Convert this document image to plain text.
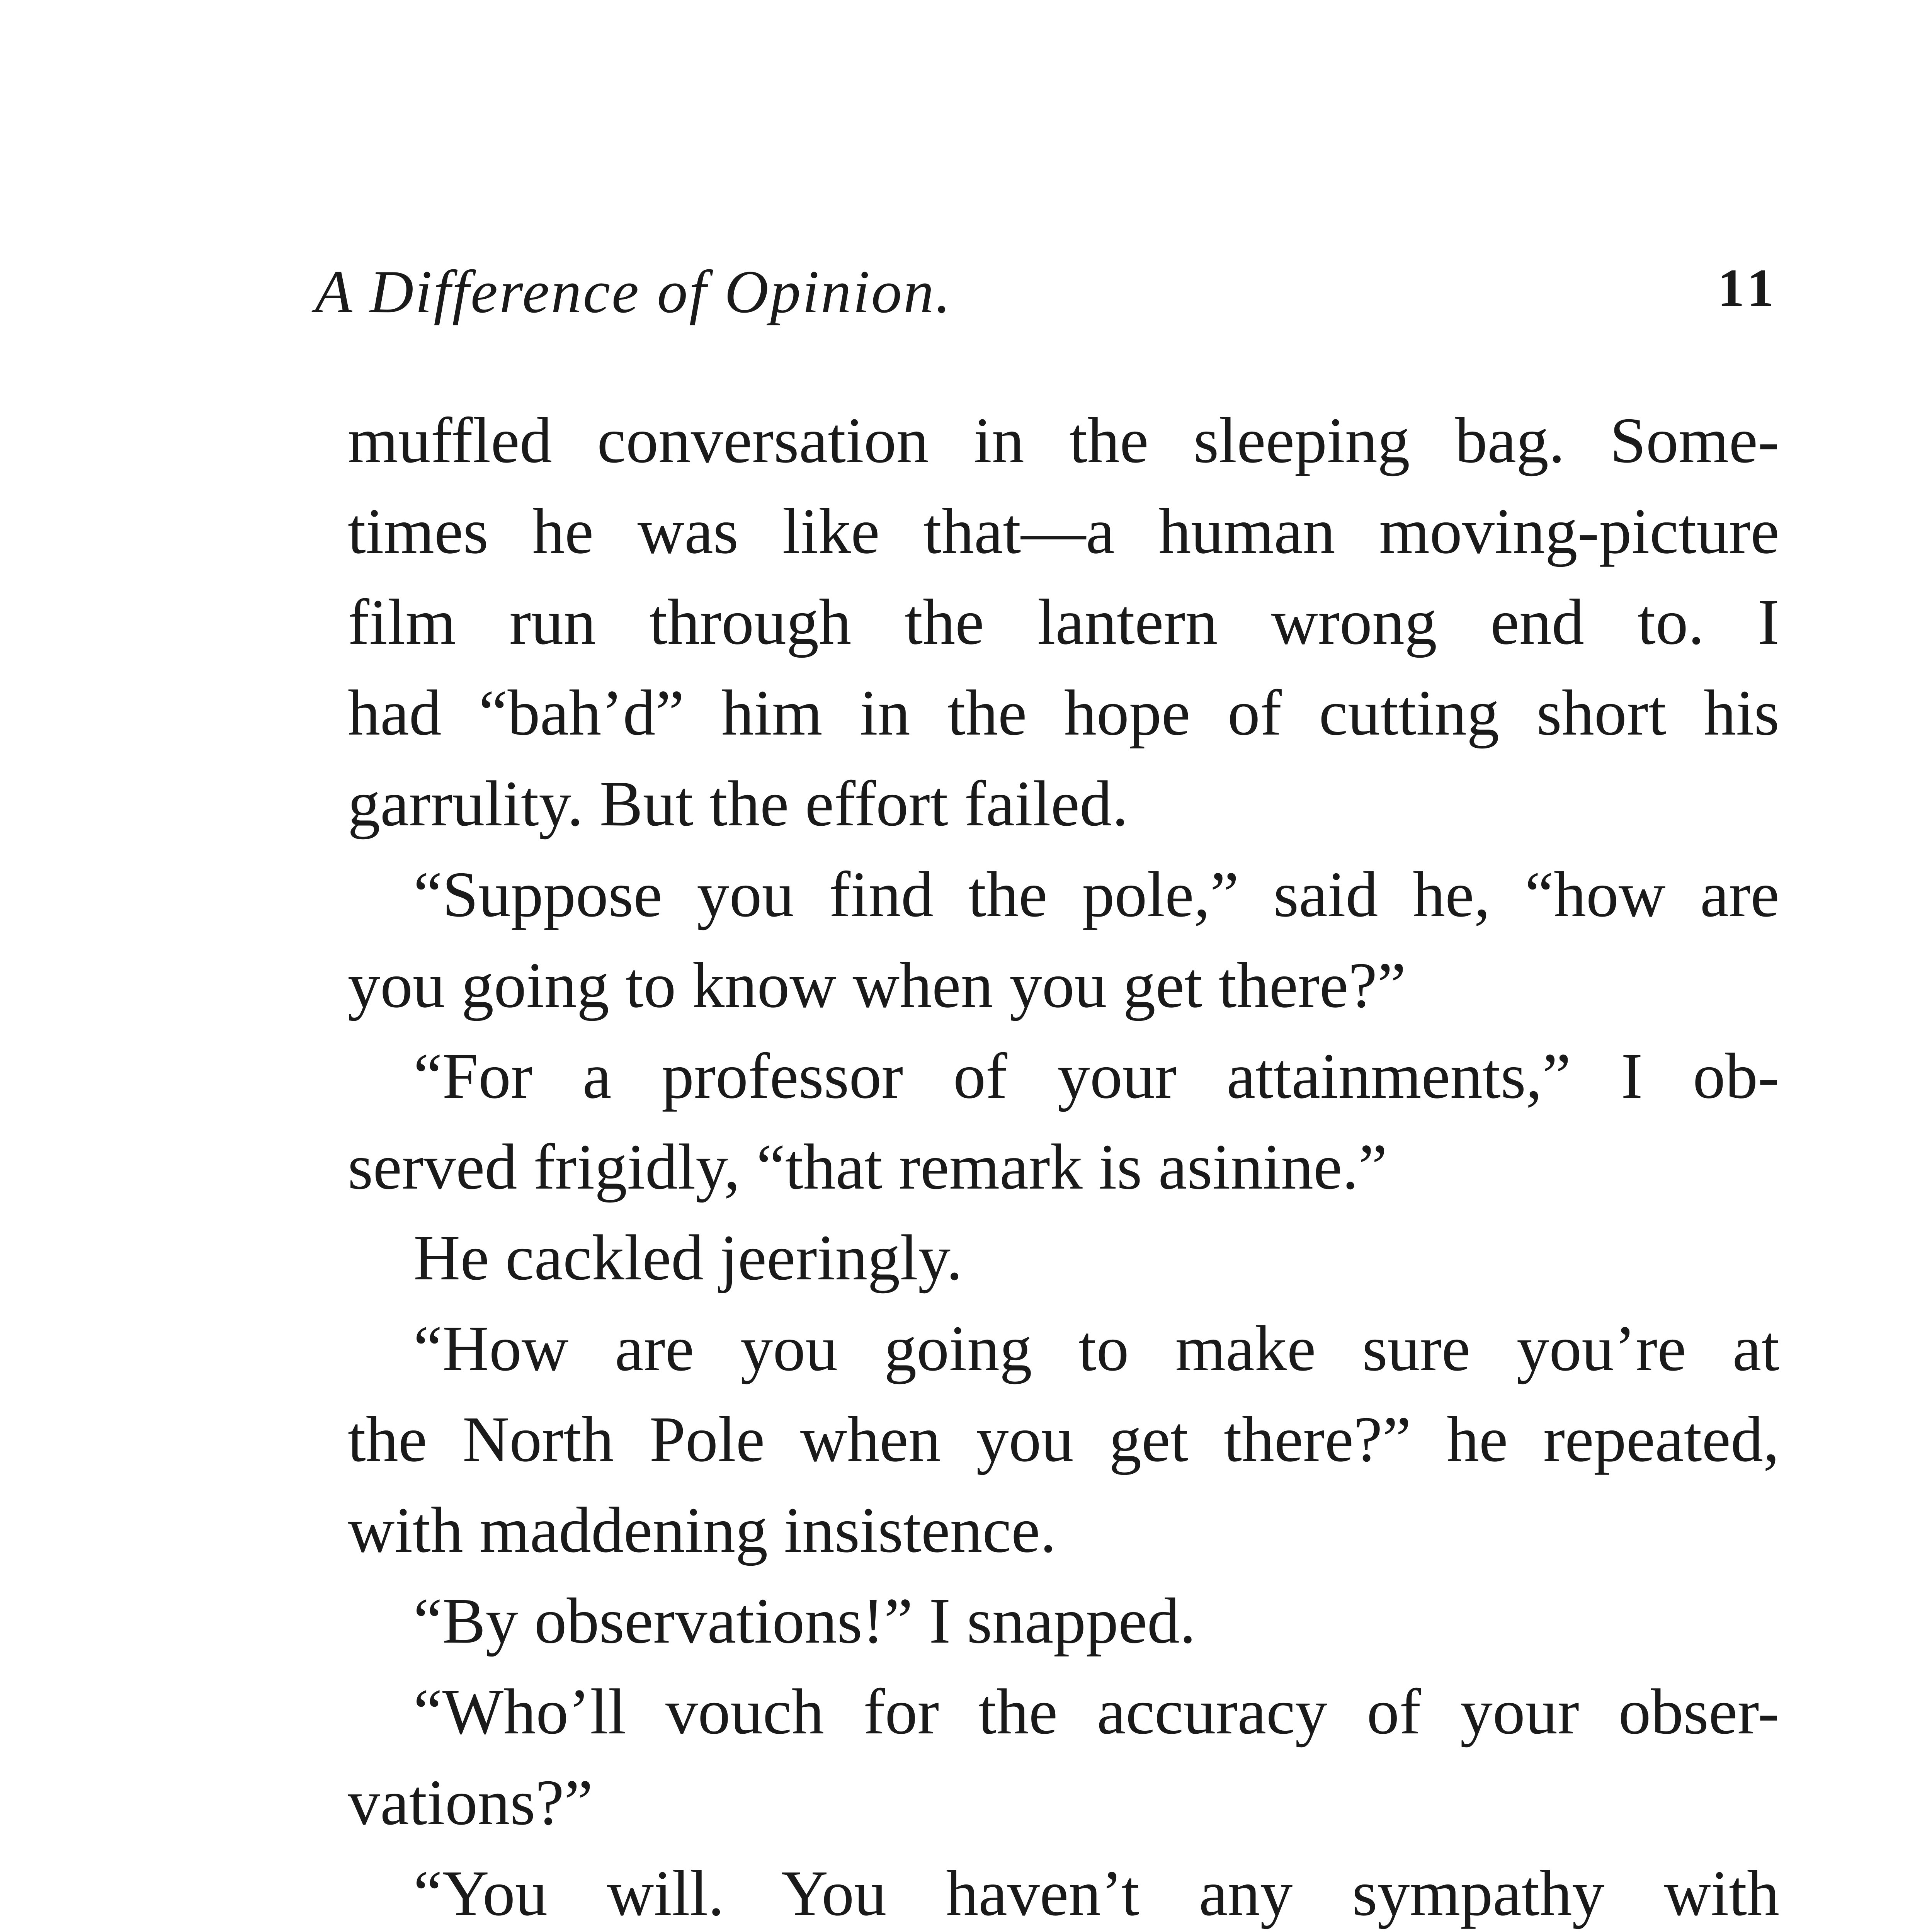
A Difference of Opinion.	11
muffled conversation in the sleeping bag. Some-
times he was like that—a human moving-picture
film run through the lantern wrong end to. I
had “bah’d” him in the hope of cutting short his
garrulity. But the effort failed.
“Suppose you find the pole,” said he, “how are
you going to know when you get there?”
“For a professor of your attainments,” I ob-
served frigidly, “that remark is asinine.”
He cackled jeeringly.
“How are you going to make sure you’re at
the North Pole when you get there?” he repeated,
with maddening insistence.
“By observations!” I snapped.
“Who’ll vouch for the accuracy of your obser-
vations?”
“You will. You haven’t any sympathy with
